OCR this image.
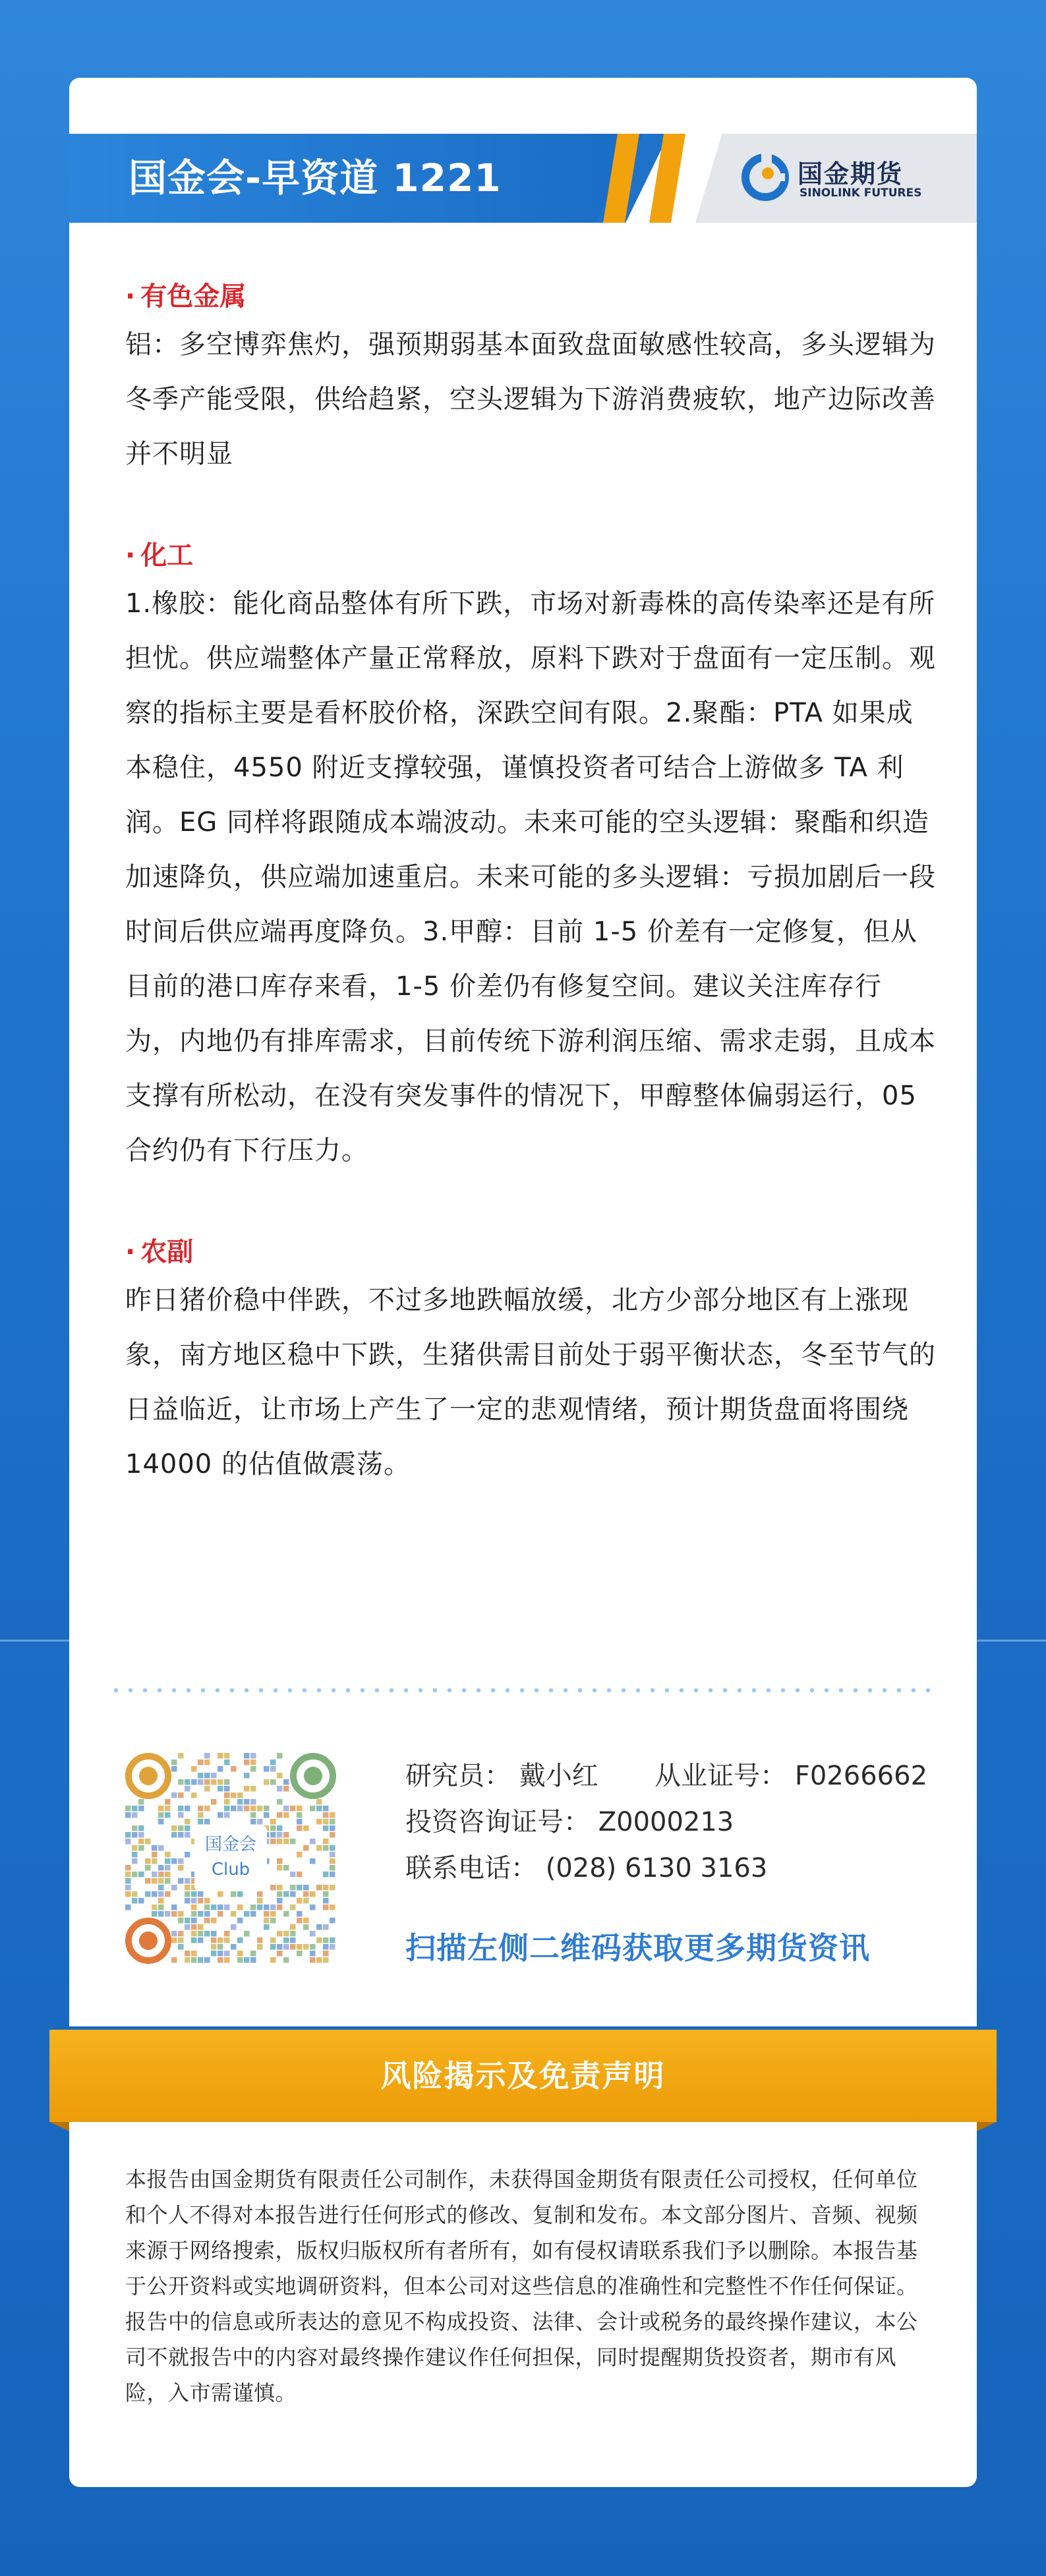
国金会-早资道 1221	国金期货
SINOLINK FUTURES
· 有色金属
铝：多空博弈焦灼，强预期弱基本面致盘面敏感性较高，多头逻辑为冬季产能受限，供给趋紧，空头逻辑为下游消费疲软，地产边际改善并不明显
· 化工
1.橡胶：能化商品整体有所下跌，市场对新毒株的高传染率还是有所担忧。供应端整体产量正常释放，原料下跌对于盘面有一定压制。观察的指标主要是看杯胶价格，深跌空间有限。2.聚酯：PTA 如果成本稳住，4550 附近支撑较强，谨慎投资者可结合上游做多 TA 利润。EG 同样将跟随成本端波动。未来可能的空头逻辑：聚酯和织造加速降负，供应端加速重启。未来可能的多头逻辑：亏损加剧后一段时间后供应端再度降负。3.甲醇：目前 1-5 价差有一定修复，但从目前的港口库存来看，1-5 价差仍有修复空间。建议关注库存行为，内地仍有排库需求，目前传统下游利润压缩、需求走弱，且成本支撑有所松动，在没有突发事件的情况下，甲醇整体偏弱运行，05 合约仍有下行压力。
· 农副
昨日猪价稳中伴跌，不过多地跌幅放缓，北方少部分地区有上涨现象，南方地区稳中下跌，生猪供需目前处于弱平衡状态，冬至节气的日益临近，让市场上产生了一定的悲观情绪，预计期货盘面将围绕 14000 的估值做震荡。
国金会
Club
研究员： 戴小红 从业证号： F0266662
投资咨询证号： Z0000213
联系电话： (028) 6130 3163
扫描左侧二维码获取更多期货资讯
风险揭示及免责声明
本报告由国金期货有限责任公司制作，未获得国金期货有限责任公司授权，任何单位和个人不得对本报告进行任何形式的修改、复制和发布。本文部分图片、音频、视频来源于网络搜索，版权归版权所有者所有，如有侵权请联系我们予以删除。本报告基于公开资料或实地调研资料，但本公司对这些信息的准确性和完整性不作任何保证。报告中的信息或所表达的意见不构成投资、法律、会计或税务的最终操作建议，本公司不就报告中的内容对最终操作建议作任何担保，同时提醒期货投资者，期市有风险，入市需谨慎。
